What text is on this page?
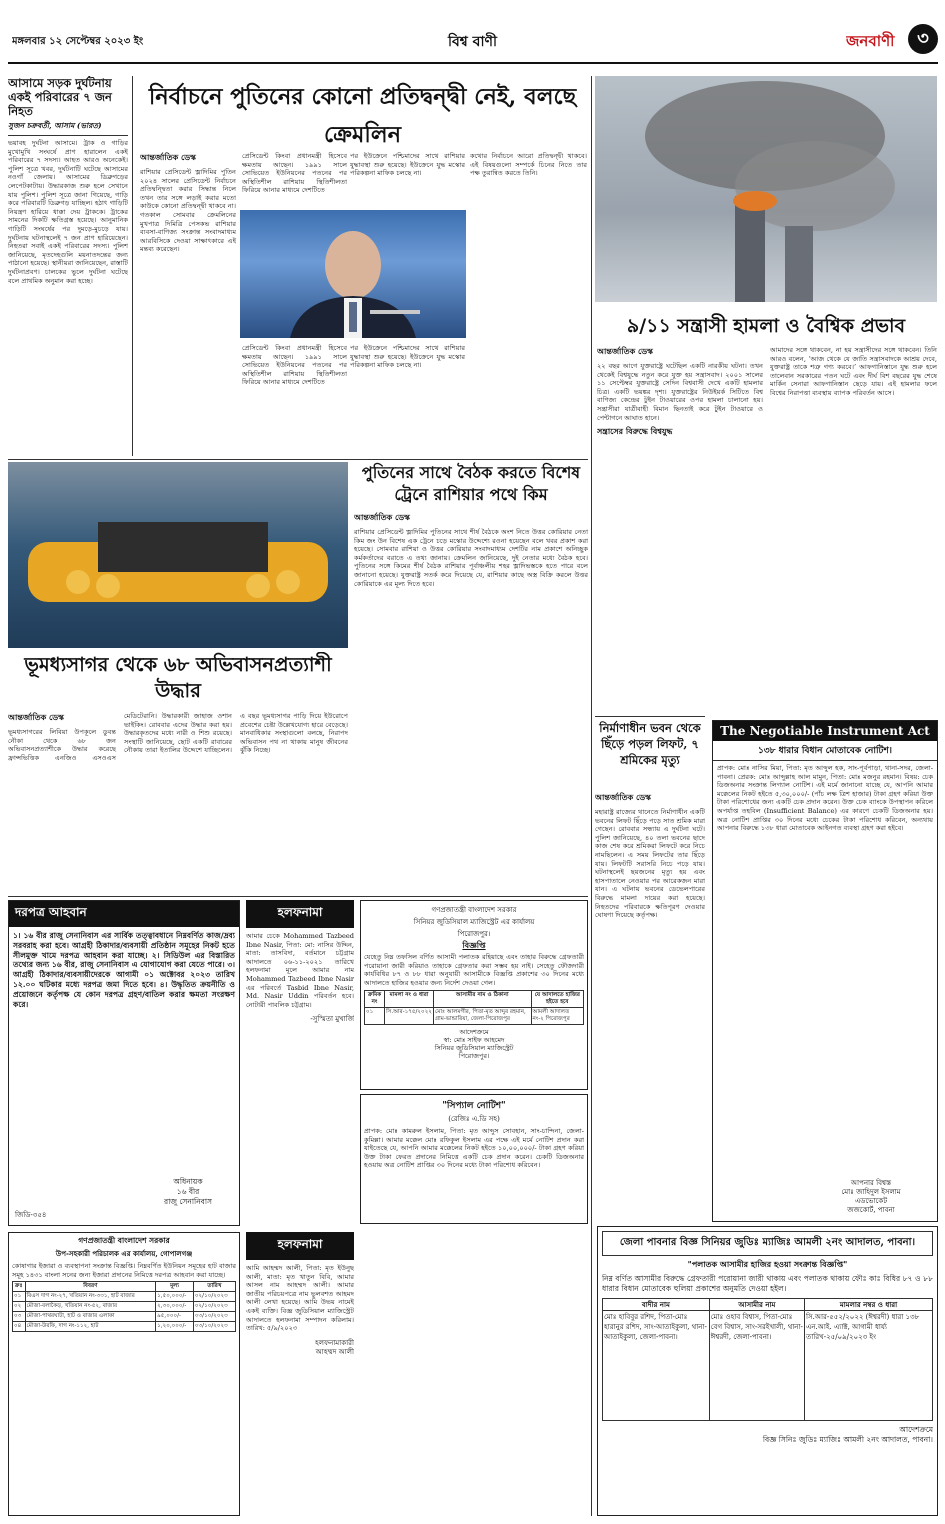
মঙ্গলবার ১২ সেপ্টেম্বর ২০২৩ ইং	বিশ্ব বাণী	জনবাণী	৩
আসামে সড়ক দুর্ঘটনায় একই পরিবারের ৭ জন নিহত
সুজন চক্রবর্তী, আসাম (ভারত)
ভয়াবহ দুর্ঘটনা আসামে। ট্রাক ও গাড়ির মুখোমুখি সংঘর্ষে প্রাণ হারালেন একই পরিবারের ৭ সদস্য। আহত আরও অনেকেই। পুলিশ সূত্রে খবর, দুর্ঘটনাটি ঘটেছে আসামের নওগাঁ জেলায়। আসামের ডিব্রুগড়ের লেপেটকাটায়। উদ্ধারকাজ শুরু হলে সেখানে যায় পুলিশ। পুলিশ সূত্রে জানা গিয়েছে, গাড়ি করে পরিবারটি ডিব্রুগড় যাচ্ছিল। হঠাৎ গাড়িটি নিয়ন্ত্রণ হারিয়ে ধাক্কা দেয় ট্রাককে। ট্রাকের সামনের দিকটি ক্ষতিগ্রস্ত হয়েছে। আনুমানিক গাড়িটি সংঘর্ষের পর দুমড়ে-মুচড়ে যায়। দুর্ঘটনায় ঘটনাস্থলেই ৭ জন প্রাণ হারিয়েছেন। নিহতরা সবাই একই পরিবারের সদস্য। পুলিশ জানিয়েছে, মৃতদেহগুলি ময়নাতদন্তের জন্য পাঠানো হয়েছে। স্থানীয়রা জানিয়েছেন, রাস্তাটি দুর্ঘটনাপ্রবণ। চালকের ভুলে দুর্ঘটনা ঘটেছে বলে প্রাথমিক অনুমান করা হচ্ছে।
নির্বাচনে পুতিনের কোনো প্রতিদ্বন্দ্বী নেই, বলছে ক্রেমলিন
আন্তর্জাতিক ডেস্ক
রাশিয়ার প্রেসিডেন্ট ভ্লাদিমির পুতিন ২০২৪ সালের প্রেসিডেন্ট নির্বাচনে প্রতিদ্বন্দ্বিতা করার সিদ্ধান্ত নিলে তখন তার সঙ্গে লড়াই করার মতো কাউকে কোনো প্রতিদ্বন্দ্বী থাকবে না। গতকাল সোমবার ক্রেমলিনের মুখপাত্র দিমিত্রি পেসকভ রাশিয়ার ব্যবসা-বাণিজ্য সংক্রান্ত সংবাদমাধ্যম আরবিসিকে দেওয়া সাক্ষাৎকারে এই মন্তব্য করেছেন।
প্রেসিডেন্ট কিংবা প্রধানমন্ত্রী হিসেবে ক্ষমতায় আছেন। ১৯৯১ সালে সোভিয়েত ইউনিয়নের পতনের পর অস্থিতিশীল রাশিয়ায় স্থিতিশীলতা ফিরিয়ে আনার মাধ্যমে দেশটিতে
পর ইউক্রেনে পশ্চিমাদের সাথে রাশিয়ার যুদ্ধাবস্থা শুরু হয়েছে। ইউক্রেনে যুদ্ধ মস্কোর পরিকল্পনা মাফিক চলছে না।
কথোর নির্বাচনে আরো প্রতিদ্বন্দ্বী থাকবে। এই বিষয়গুলো সম্পর্কে চিনের নিতে তার পক্ষ তুরান্বিত করতে তিনি।
প্রেসিডেন্ট কিংবা প্রধানমন্ত্রী হিসেবে ক্ষমতায় আছেন। ১৯৯১ সালে সোভিয়েত ইউনিয়নের পতনের পর অস্থিতিশীল রাশিয়ায় স্থিতিশীলতা ফিরিয়ে আনার মাধ্যমে দেশটিতে
পর ইউক্রেনে পশ্চিমাদের সাথে রাশিয়ার যুদ্ধাবস্থা শুরু হয়েছে। ইউক্রেনে যুদ্ধ মস্কোর পরিকল্পনা মাফিক চলছে না।
৯/১১ সন্ত্রাসী হামলা ও বৈশ্বিক প্রভাব
আন্তর্জাতিক ডেস্ক
২২ বছর আগে যুক্তরাষ্ট্রে ঘটেছিল একটি নারকীয় ঘটনা। তখন থেকেই বিশ্বযুদ্ধে নতুন করে যুক্ত হয় সন্ত্রাসবাদ। ২০০১ সালের ১১ সেপ্টেম্বর যুক্তরাষ্ট্রে সেদিন বিশ্ববাসী দেখে একটি হামলার চিত্র। একটি ভয়ঙ্কর দৃশ্য। যুক্তরাষ্ট্রের নিউইয়র্ক সিটিতে বিশ্ব বাণিজ্য কেন্দ্রের টুইন টাওয়ারের ওপর হামলা চালানো হয়। সন্ত্রাসীরা যাত্রীবাহী বিমান ছিনতাই করে টুইন টাওয়ারে ও পেন্টাগনে আঘাত হানে।
সন্ত্রাসের বিরুদ্ধে বিশ্বযুদ্ধ
আমাদের সঙ্গে থাকবেন, না হয় সন্ত্রাসীদের সঙ্গে থাকবেন। তিনি আরও বলেন, ‘আজ থেকে যে জাতি সন্ত্রাসবাদকে আশ্রয় দেবে, যুক্তরাষ্ট্র তাকে শত্রু গণ্য করবে।’ আফগানিস্তানে যুদ্ধ শুরু হলে তালেবান সরকারের পতন ঘটে এবং দীর্ঘ বিশ বছরের যুদ্ধ শেষে মার্কিন সেনারা আফগানিস্তান ছেড়ে যায়। এই হামলার ফলে বিশ্বের নিরাপত্তা ব্যবস্থায় ব্যাপক পরিবর্তন আসে।
ভূমধ্যসাগর থেকে ৬৮ অভিবাসনপ্রত্যাশী উদ্ধার
আন্তর্জাতিক ডেস্ক
ভূমধ্যসাগরের লিবিয়া উপকূলে ডুবন্ত নৌকা থেকে ৬৮ জন অভিবাসনপ্রত্যাশীকে উদ্ধার করেছে ফ্রান্সভিত্তিক এনজিও এসওএস মেডিটেরানি। উদ্ধারকারী জাহাজ ওশান ভাইকিং। রোববার এদের উদ্ধার করা হয়। উদ্ধারকৃতদের মধ্যে নারী ও শিশু রয়েছে। সংস্থাটি জানিয়েছে, ছোট একটি রাবারের নৌকায় তারা ইতালির উদ্দেশে যাচ্ছিলেন। এ বছর ভূমধ্যসাগর পাড়ি দিয়ে ইউরোপে প্রবেশের চেষ্টা উল্লেখযোগ্য হারে বেড়েছে। মানবাধিকার সংস্থাগুলো বলছে, নিরাপদ অভিবাসন পথ না থাকায় মানুষ জীবনের ঝুঁকি নিচ্ছে।
পুতিনের সাথে বৈঠক করতে বিশেষ ট্রেনে রাশিয়ার পথে কিম
আন্তর্জাতিক ডেস্ক
রাশিয়ার প্রেসিডেন্ট ভ্লাদিমির পুতিনের সাথে শীর্ষ বৈঠকে অংশ নিতে উত্তর কোরিয়ার নেতা কিম জং উন বিশেষ এক ট্রেনে চড়ে মস্কোর উদ্দেশ্যে রওনা হয়েছেন বলে খবর প্রকাশ করা হয়েছে। সোমবার রাশিয়া ও উত্তর কোরিয়ার সংবাদমাধ্যম দেশটির নাম প্রকাশে অনিচ্ছুক কর্মকর্তাদের বরাতে এ তথ্য জানায়। ক্রেমলিন জানিয়েছে, দুই নেতার মধ্যে বৈঠক হবে। পুতিনের সঙ্গে কিমের শীর্ষ বৈঠক রাশিয়ার পূর্বাঞ্চলীয় শহর ভ্লাদিভস্তকে হতে পারে বলে জানানো হয়েছে। যুক্তরাষ্ট্র সতর্ক করে দিয়েছে যে, রাশিয়ার কাছে অস্ত্র বিক্রি করলে উত্তর কোরিয়াকে এর মূল্য দিতে হবে।
নির্মাণাধীন ভবন থেকে ছিঁড়ে পড়ল লিফট, ৭ শ্রমিকের মৃত্যু
আন্তর্জাতিক ডেস্ক
মহারাষ্ট্র রাজ্যের থানেতে নির্মাণাধীন একটি ভবনের লিফট ছিঁড়ে পড়ে সাত শ্রমিক মারা গেছেন। রোববার সন্ধ্যায় এ দুর্ঘটনা ঘটে। পুলিশ জানিয়েছে, ৪০ তলা ভবনের ছাদে কাজ শেষ করে শ্রমিকরা লিফটে করে নিচে নামছিলেন। এ সময় লিফটের তার ছিঁড়ে যায়। লিফটটি সরাসরি নিচে পড়ে যায়। ঘটনাস্থলেই ছয়জনের মৃত্যু হয় এবং হাসপাতালে নেওয়ার পর আরেকজন মারা যান। এ ঘটনায় ভবনের ডেভেলপারের বিরুদ্ধে মামলা দায়ের করা হয়েছে। নিহতদের পরিবারকে ক্ষতিপূরণ দেওয়ার ঘোষণা দিয়েছে কর্তৃপক্ষ।
The Negotiable Instrument Act
১৩৮ ধারার বিধান মোতাবেক নোটিশ।
প্রাপক: মোঃ নাসির মিয়া, পিতা: মৃত আব্দুল হক, সাং-পূর্বপাড়া, থানা-সদর, জেলা-পাবনা। প্রেরক: মোঃ আব্দুল্লাহ আল মামুন, পিতা: মোঃ মজনুর রহমান। বিষয়: চেক ডিজঅনার সংক্রান্ত লিগ্যাল নোটিশ। এই মর্মে জানানো যাচ্ছে যে, আপনি আমার মক্কেলের নিকট হইতে ৫,৩০,০০০/- (পাঁচ লক্ষ ত্রিশ হাজার) টাকা গ্রহণ করিয়া উক্ত টাকা পরিশোধের জন্য একটি চেক প্রদান করেন। উক্ত চেক ব্যাংকে উপস্থাপন করিলে অপর্যাপ্ত তহবিল (Insufficient Balance) এর কারণে চেকটি ডিজঅনার হয়। অত্র নোটিশ প্রাপ্তির ৩০ দিনের মধ্যে চেকের টাকা পরিশোধ করিবেন, অন্যথায় আপনার বিরুদ্ধে ১৩৮ ধারা মোতাবেক আইনগত ব্যবস্থা গ্রহণ করা হইবে।
আপনার বিশ্বস্ত
মোঃ জাহিদুল ইসলাম
এডভোকেট
জজকোর্ট, পাবনা
দরপত্র আহবান
১। ১৬ বীর রাজু সেনানিবাস এর সার্বিক তত্ত্বাবধানে নিম্নবর্ণিত কাজ/দ্রব্য সরবরাহ করা হবে। আগ্রহী ঠিকাদার/ব্যবসায়ী প্রতিষ্ঠান সমূহের নিকট হতে সীলমুক্ত খামে দরপত্র আহবান করা যাচ্ছে। ২। সিডিউল এর বিস্তারিত তথ্যের জন্য ১৬ বীর, রাজু সেনানিবাস এ যোগাযোগ করা যেতে পারে। ৩। আগ্রহী ঠিকাদার/ব্যবসায়ীদেরকে আগামী ০১ অক্টোবর ২০২৩ তারিখ ১২.০০ ঘটিকার মধ্যে দরপত্র জমা দিতে হবে। ৪। উদ্ধৃতিত ক্রয়নীতি ও প্রয়োজনে কর্তৃপক্ষ যে কোন দরপত্র গ্রহণ/বাতিল করার ক্ষমতা সংরক্ষণ করে।
অধিনায়ক
১৬ বীর
রাজু সেনানিবাস
জিডি-৩৫৪
হলফনামা
আমার চেকে Mohammed Tazbeed Ibne Nasir, পিতা: মো: নাসির উদ্দিন, মাতা: তাসবিদা, বর্তমানে চট্টগ্রাম আদালতে ০৬-১১-২০২১ তারিখে হলফনামা মূলে আমার নাম Mohammed Tazbeed Ibne Nasir এর পরিবর্তে Tasbid Ibne Nasir, Md. Nasir Uddin পরিবর্তন হবে। নোটারী পাবলিক চট্টগ্রাম।
-সুস্মিতা মুখার্জি
গণপ্রজাতন্ত্রী বাংলাদেশ সরকার
সিনিয়র জুডিসিয়াল ম্যাজিস্ট্রেট এর কার্যালয়
পিরোজপুর।
বিজ্ঞপ্তি
যেহেতু নিম্ন তফসিল বর্ণিত আসামী পলাতক রহিয়াছে এবং তাহার বিরুদ্ধে গ্রেফতারী পরোয়ানা জারী করিয়াও তাহাকে গ্রেফতার করা সম্ভব হয় নাই। সেহেতু ফৌজদারী কার্যবিধির ৮৭ ও ৮৮ ধারা অনুযায়ী আসামীকে বিজ্ঞপ্তি প্রকাশের ৩০ দিনের মধ্যে আদালতে হাজির হওয়ার জন্য নির্দেশ দেওয়া গেল।
ক্রমিক নং	মামলা নং ও ধারা	আসামীর নাম ও ঠিকানা	যে আদালতে হাজির হইতে হবে
০১	সি.আর-১৭৫/২০২২	মোঃ আলমগীর, পিতা-মৃত আব্দুর রহমান, গ্রাম-ভান্ডারিয়া, জেলা-পিরোজপুর	আমলী আদালত নং-২ পিরোজপুর
আদেশক্রমে
স্বা: মোঃ সাইফ আহমেদ
সিনিয়র জুডিসিয়াল ম্যাজিস্ট্রেট
পিরোজপুর।
"সিপ্যাল নোটিশ"
(রেজিঃ এ.ডি সহ)
প্রাপক: মোঃ কামরুল ইসলাম, পিতা: মৃত আব্দুস সোবহান, সাং-চান্দিনা, জেলা-কুমিল্লা। আমার মক্কেল মোঃ রফিকুল ইসলাম এর পক্ষে এই মর্মে নোটিশ প্রদান করা যাইতেছে যে, আপনি আমার মক্কেলের নিকট হইতে ১০,০০,০০০/- টাকা গ্রহণ করিয়া উক্ত টাকা ফেরত প্রদানের নিমিত্তে একটি চেক প্রদান করেন। চেকটি ডিজঅনার হওয়ায় অত্র নোটিশ প্রাপ্তির ৩০ দিনের মধ্যে টাকা পরিশোধ করিবেন।
গণপ্রজাতন্ত্রী বাংলাদেশ সরকার
উপ-সহকারী পরিচালক এর কার্যালয়, গোপালগঞ্জ
কোষাগার ইজারা ও ব্যবস্থাপনা সংক্রান্ত বিজ্ঞপ্তি। নিম্নবর্ণিত ইউনিয়ন সমূহের হাট বাজার সমূহ ১৪৩১ বাংলা সনের জন্য ইজারা প্রদানের নিমিত্তে দরপত্র আহবান করা যাচ্ছে।
ক্রঃ	বিবরণ	মূল্য	তারিখ
০১	বিএস দাগ নং-২৭, খতিয়ান নং-৩৩১, হাট বাজার	১,৫০,০০০/-	০২/১০/২০২৩
০২	মৌজা-বলাকৈড়, খতিয়ান নং-৫২, বাজার	২,৩০,০০০/-	০২/১০/২০২৩
০৩	মৌজা-পাথরঘাটা, হাট ও বাজার এলাকা	৯৫,০০০/-	০৩/১০/২০২৩
০৪	মৌজা-উরফি, দাগ নং-১১২, হাট	১,২০,০০০/-	০৩/১০/২০২৩
হলফনামা
আমি আহম্মদ আলী, পিতা: মৃত ইউনুছ আলী, মাতা: মৃত খাতুন বিবি, আমার আসল নাম আহম্মদ আলী। আমার জাতীয় পরিচয়পত্রে নাম ভুলবশত আহমদ আলী লেখা হয়েছে। আমি উভয় নামেই একই ব্যক্তি। বিজ্ঞ জুডিসিয়াল ম্যাজিস্ট্রেট আদালতে হলফনামা সম্পাদন করিলাম। তারিখ: ৫/৯/২০২৩
হলফনামাকারী
আহম্মদ আলী
জেলা পাবনার বিজ্ঞ সিনিয়র জুডিঃ ম্যাজিঃ আমলী ২নং আদালত, পাবনা।
"পলাতক আসামীর হাজির হওয়া সংক্রান্ত বিজ্ঞপ্তি"
নিম্ন বর্ণিত আসামীর বিরুদ্ধে গ্রেফতারী পরোয়ানা জারী থাকায় এবং পলাতক থাকায় ফৌঃ কাঃ বিধির ৮৭ ও ৮৮ ধারার বিধান মোতাবেক হুলিয়া প্রকাশের অনুমতি দেওয়া হইল।
বাদীর নাম	আসামীর নাম	মামলার নম্বর ও ধারা
মোঃ হাবিবুর রশিদ, পিতা-মোঃ হারানুর রশিদ, সাং-আতাইকুলা, থানা-আতাইকুলা, জেলা-পাবনা।	মোঃ ওহাব বিশ্বাস, পিতা-মোঃ বেগ বিশ্বাস, সাং-সরইখালী, থানা-ঈশ্বরদী, জেলা-পাবনা।	সি.আর-৫৫২/২০২২ (ঈশ্বরদী) ধারা ১৩৮ এন.আই. এ্যাক্ট, আগামী ধার্য্য তারিখ-২৫/০৯/২০২৩ ইং
আদেশক্রমে
বিজ্ঞ সিনিঃ জুডিঃ ম্যাজিঃ আমলী ২নং আদালত, পাবনা।
